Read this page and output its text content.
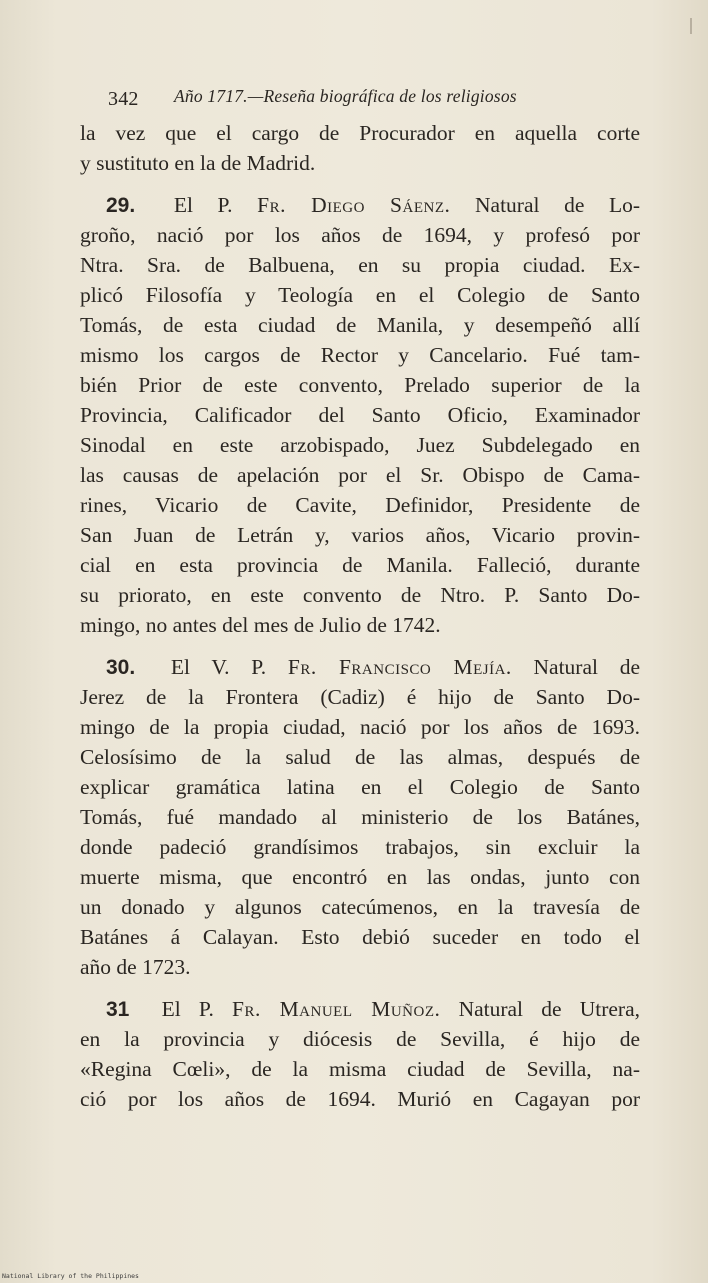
342 Año 1717.—Reseña biográfica de los religiosos
la vez que el cargo de Procurador en aquella corte
y sustituto en la de Madrid.
29. El P. Fr. Diego Sáenz. Natural de Lo-
groño, nació por los años de 1694, y profesó por
Ntra. Sra. de Balbuena, en su propia ciudad. Ex-
plicó Filosofía y Teología en el Colegio de Santo
Tomás, de esta ciudad de Manila, y desempeñó allí
mismo los cargos de Rector y Cancelario. Fué tam-
bién Prior de este convento, Prelado superior de la
Provincia, Calificador del Santo Oficio, Examinador
Sinodal en este arzobispado, Juez Subdelegado en
las causas de apelación por el Sr. Obispo de Cama-
rines, Vicario de Cavite, Definidor, Presidente de
San Juan de Letrán y, varios años, Vicario provin-
cial en esta provincia de Manila. Falleció, durante
su priorato, en este convento de Ntro. P. Santo Do-
mingo, no antes del mes de Julio de 1742.
30. El V. P. Fr. Francisco Mejía. Natural de
Jerez de la Frontera (Cadiz) é hijo de Santo Do-
mingo de la propia ciudad, nació por los años de 1693.
Celosísimo de la salud de las almas, después de
explicar gramática latina en el Colegio de Santo
Tomás, fué mandado al ministerio de los Batánes,
donde padeció grandísimos trabajos, sin excluir la
muerte misma, que encontró en las ondas, junto con
un donado y algunos catecúmenos, en la travesía de
Batánes á Calayan. Esto debió suceder en todo el
año de 1723.
31 El P. Fr. Manuel Muñoz. Natural de Utrera,
en la provincia y diócesis de Sevilla, é hijo de
«Regina Cœli», de la misma ciudad de Sevilla, na-
ció por los años de 1694. Murió en Cagayan por
National Library of the Philippines
